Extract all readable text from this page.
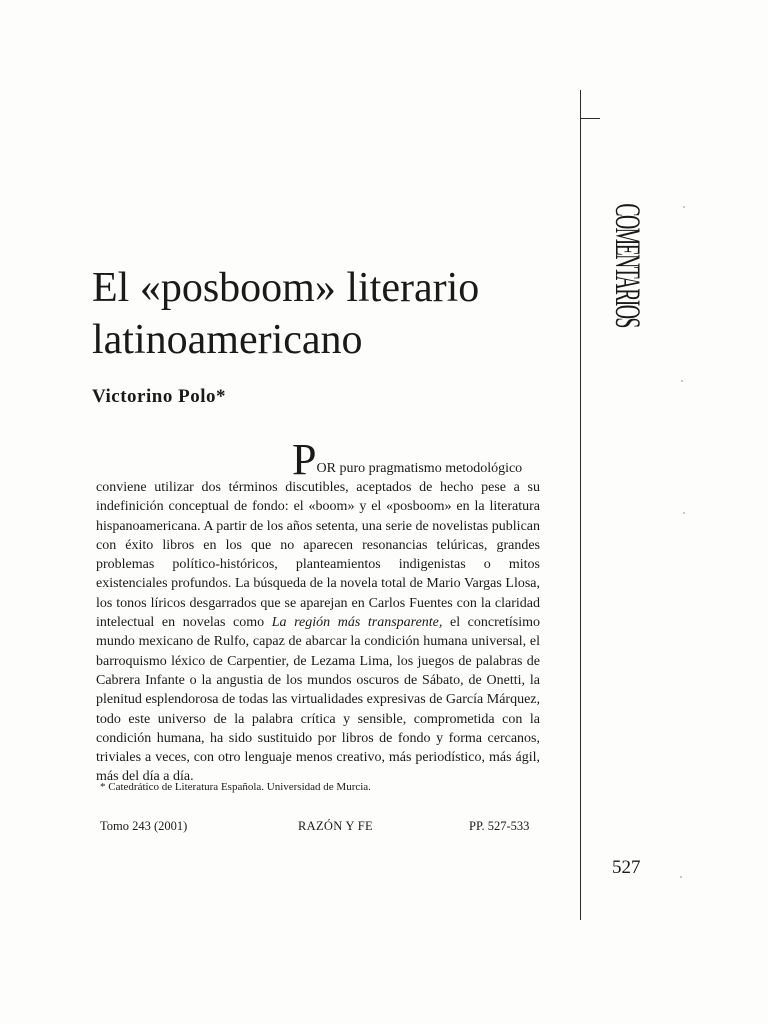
COMENTARIOS
El «posboom» literario
latinoamericano
Victorino Polo*
POR puro pragmatismo metodológico
conviene utilizar dos términos discutibles, aceptados de hecho pese a su indefinición conceptual de fondo: el «boom» y el «posboom» en la literatura hispanoamericana. A partir de los años setenta, una serie de novelistas publican con éxito libros en los que no aparecen resonancias telúricas, grandes problemas político-históricos, planteamientos indigenistas o mitos existenciales profundos. La búsqueda de la novela total de Mario Vargas Llosa, los tonos líricos desgarrados que se aparejan en Carlos Fuentes con la claridad intelectual en novelas como La región más transparente, el concretísimo mundo mexicano de Rulfo, capaz de abarcar la condición humana universal, el barroquismo léxico de Carpentier, de Lezama Lima, los juegos de palabras de Cabrera Infante o la angustia de los mundos oscuros de Sábato, de Onetti, la plenitud esplendorosa de todas las virtualidades expresivas de García Márquez, todo este universo de la palabra crítica y sensible, comprometida con la condición humana, ha sido sustituido por libros de fondo y forma cercanos, triviales a veces, con otro lenguaje menos creativo, más periodístico, más ágil, más del día a día.
* Catedrático de Literatura Española. Universidad de Murcia.
Tomo 243 (2001)	RAZÓN Y FE	PP. 527-533
527
